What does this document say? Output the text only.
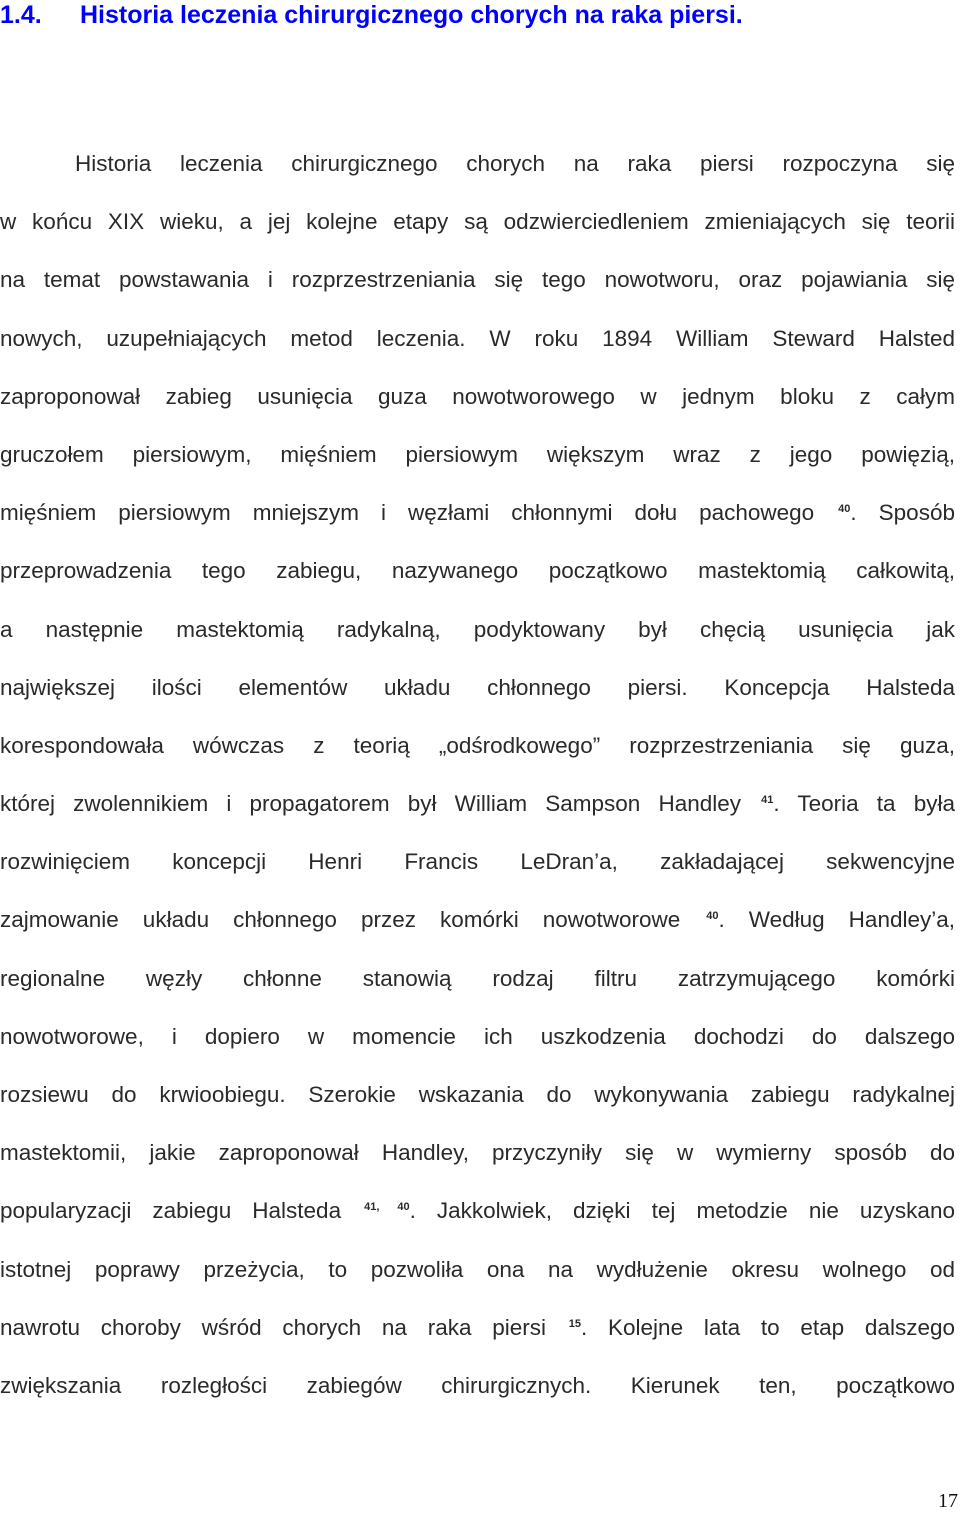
1.4. Historia leczenia chirurgicznego chorych na raka piersi.
Historia leczenia chirurgicznego chorych na raka piersi rozpoczyna się
w końcu XIX wieku, a jej kolejne etapy są odzwierciedleniem zmieniających się teorii
na temat powstawania i rozprzestrzeniania się tego nowotworu, oraz pojawiania się
nowych, uzupełniających metod leczenia. W roku 1894 William Steward Halsted
zaproponował zabieg usunięcia guza nowotworowego w jednym bloku z całym
gruczołem piersiowym, mięśniem piersiowym większym wraz z jego powięzią,
mięśniem piersiowym mniejszym i węzłami chłonnymi dołu pachowego $^{40}$. Sposób
przeprowadzenia tego zabiegu, nazywanego początkowo mastektomią całkowitą,
a następnie mastektomią radykalną, podyktowany był chęcią usunięcia jak
największej ilości elementów układu chłonnego piersi. Koncepcja Halsteda
korespondowała wówczas z teorią „odśrodkowego” rozprzestrzeniania się guza,
której zwolennikiem i propagatorem był William Sampson Handley $^{41}$. Teoria ta była
rozwinięciem koncepcji Henri Francis LeDran’a, zakładającej sekwencyjne
zajmowanie układu chłonnego przez komórki nowotworowe $^{40}$. Według Handley’a,
regionalne węzły chłonne stanowią rodzaj filtru zatrzymującego komórki
nowotworowe, i dopiero w momencie ich uszkodzenia dochodzi do dalszego
rozsiewu do krwioobiegu. Szerokie wskazania do wykonywania zabiegu radykalnej
mastektomii, jakie zaproponował Handley, przyczyniły się w wymierny sposób do
popularyzacji zabiegu Halsteda $^{41, 40}$. Jakkolwiek, dzięki tej metodzie nie uzyskano
istotnej poprawy przeżycia, to pozwoliła ona na wydłużenie okresu wolnego od
nawrotu choroby wśród chorych na raka piersi $^{15}$. Kolejne lata to etap dalszego
zwiększania rozległości zabiegów chirurgicznych. Kierunek ten, początkowo
17
